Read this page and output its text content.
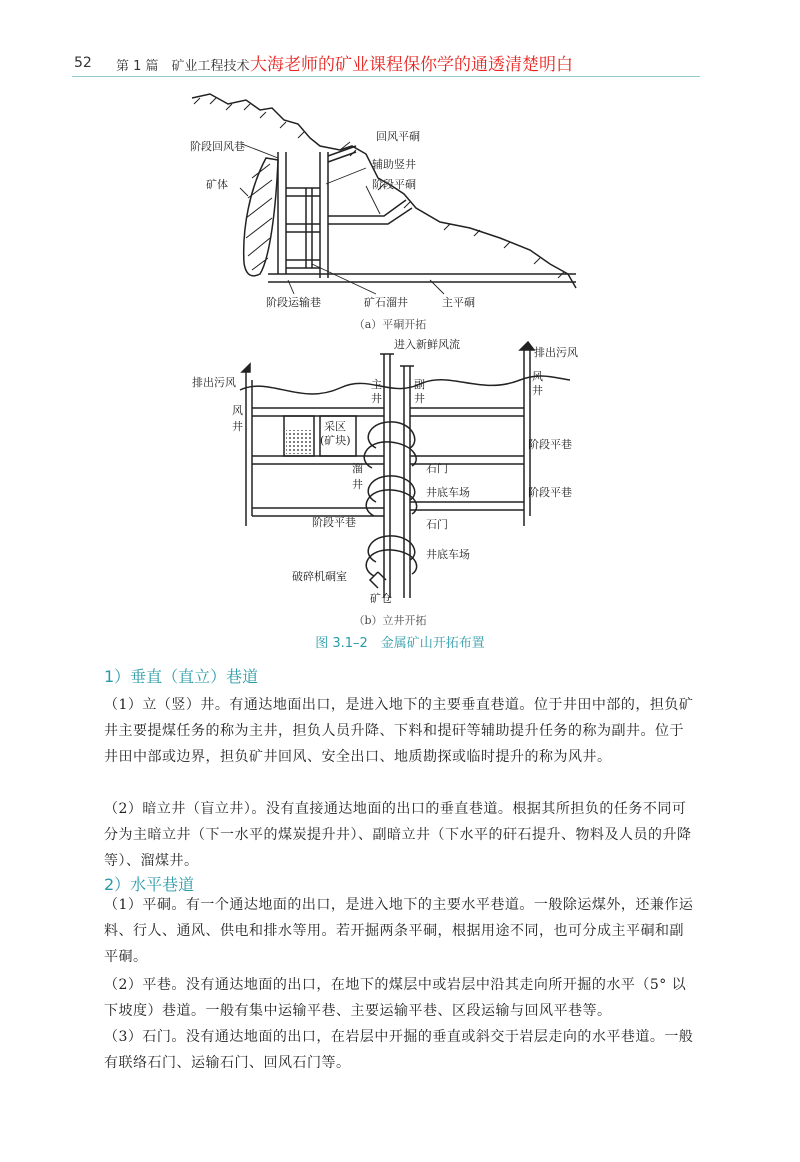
52 第 1 篇　矿业工程技术 大海老师的矿业课程保你学的通透清楚明白
阶段回风巷
回风平硐
辅助竖井
矿体	阶段平硐
阶段运输巷	矿石溜井	主平硐
（a）平硐开拓
进入新鲜风流
排出污风
排出污风	主
井
副
井
风
井
风
井	采区
(矿块)	阶段平巷
石门
溜
井
井底车场	阶段平巷
阶段平巷	石门
井底车场
破碎机硐室
矿仓
（b）立井开拓
图 3.1–2　金属矿山开拓布置
1）垂直（直立）巷道

（1）立（竖）井。有通达地面出口，是进入地下的主要垂直巷道。位于井田中部的，担负矿井主要提煤任务的称为主井，担负人员升降、下料和提矸等辅助提升任务的称为副井。位于井田中部或边界，担负矿井回风、安全出口、地质勘探或临时提升的称为风井。

（2）暗立井（盲立井）。没有直接通达地面的出口的垂直巷道。根据其所担负的任务不同可分为主暗立井（下一水平的煤炭提升井）、副暗立井（下水平的矸石提升、物料及人员的升降等）、溜煤井。

2）水平巷道

（1）平硐。有一个通达地面的出口，是进入地下的主要水平巷道。一般除运煤外，还兼作运料、行人、通风、供电和排水等用。若开掘两条平硐，根据用途不同，也可分成主平硐和副平硐。

（2）平巷。没有通达地面的出口，在地下的煤层中或岩层中沿其走向所开掘的水平（5° 以下坡度）巷道。一般有集中运输平巷、主要运输平巷、区段运输与回风平巷等。

（3）石门。没有通达地面的出口，在岩层中开掘的垂直或斜交于岩层走向的水平巷道。一般有联络石门、运输石门、回风石门等。
